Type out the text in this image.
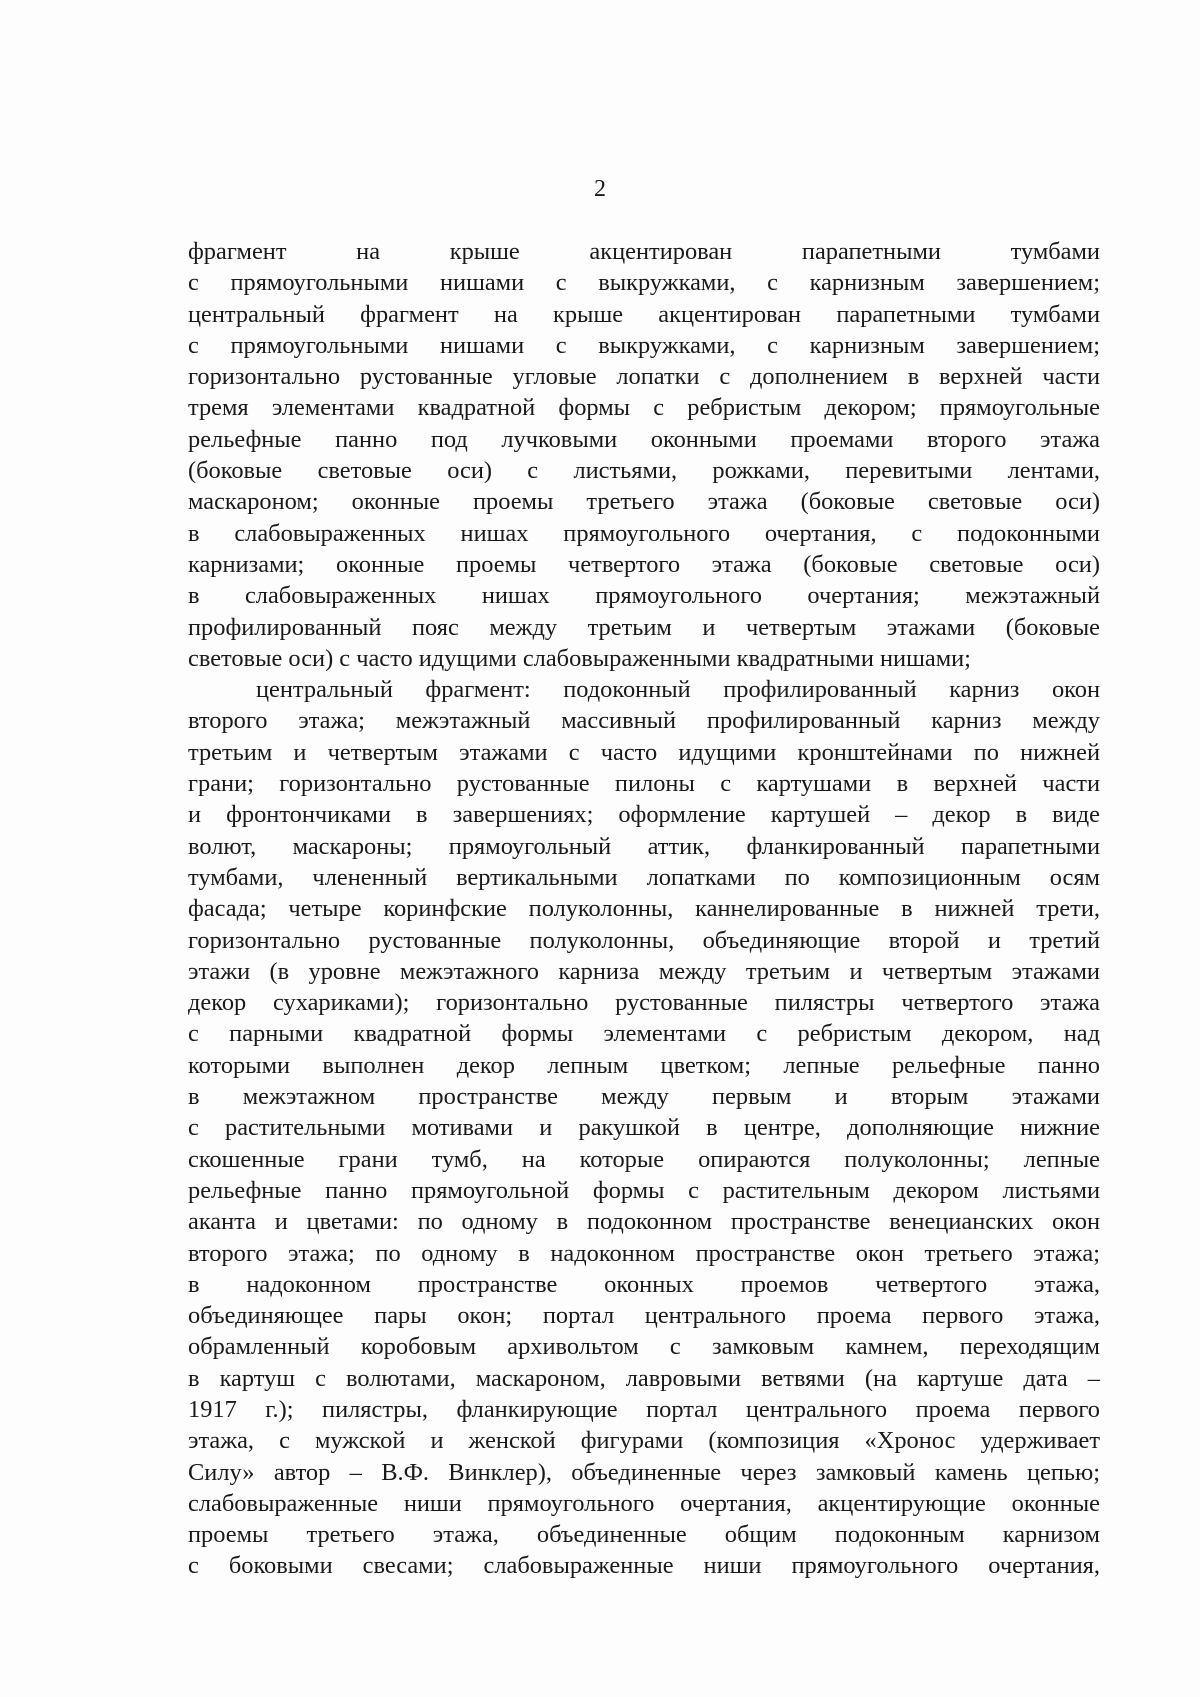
2
фрагмент на крыше акцентирован парапетными тумбами
с прямоугольными нишами с выкружками, с карнизным завершением;
центральный фрагмент на крыше акцентирован парапетными тумбами
с прямоугольными нишами с выкружками, с карнизным завершением;
горизонтально рустованные угловые лопатки с дополнением в верхней части
тремя элементами квадратной формы с ребристым декором; прямоугольные
рельефные панно под лучковыми оконными проемами второго этажа
(боковые световые оси) с листьями, рожками, перевитыми лентами,
маскароном; оконные проемы третьего этажа (боковые световые оси)
в слабовыраженных нишах прямоугольного очертания, с подоконными
карнизами; оконные проемы четвертого этажа (боковые световые оси)
в слабовыраженных нишах прямоугольного очертания; межэтажный
профилированный пояс между третьим и четвертым этажами (боковые
световые оси) с часто идущими слабовыраженными квадратными нишами;
центральный фрагмент: подоконный профилированный карниз окон
второго этажа; межэтажный массивный профилированный карниз между
третьим и четвертым этажами с часто идущими кронштейнами по нижней
грани; горизонтально рустованные пилоны с картушами в верхней части
и фронтончиками в завершениях; оформление картушей – декор в виде
волют, маскароны; прямоугольный аттик, фланкированный парапетными
тумбами, члененный вертикальными лопатками по композиционным осям
фасада; четыре коринфские полуколонны, каннелированные в нижней трети,
горизонтально рустованные полуколонны, объединяющие второй и третий
этажи (в уровне межэтажного карниза между третьим и четвертым этажами
декор сухариками); горизонтально рустованные пилястры четвертого этажа
с парными квадратной формы элементами с ребристым декором, над
которыми выполнен декор лепным цветком; лепные рельефные панно
в межэтажном пространстве между первым и вторым этажами
с растительными мотивами и ракушкой в центре, дополняющие нижние
скошенные грани тумб, на которые опираются полуколонны; лепные
рельефные панно прямоугольной формы с растительным декором листьями
аканта и цветами: по одному в подоконном пространстве венецианских окон
второго этажа; по одному в надоконном пространстве окон третьего этажа;
в надоконном пространстве оконных проемов четвертого этажа,
объединяющее пары окон; портал центрального проема первого этажа,
обрамленный коробовым архивольтом с замковым камнем, переходящим
в картуш с волютами, маскароном, лавровыми ветвями (на картуше дата –
1917 г.); пилястры, фланкирующие портал центрального проема первого
этажа, с мужской и женской фигурами (композиция «Хронос удерживает
Силу» автор – В.Ф. Винклер), объединенные через замковый камень цепью;
слабовыраженные ниши прямоугольного очертания, акцентирующие оконные
проемы третьего этажа, объединенные общим подоконным карнизом
с боковыми свесами; слабовыраженные ниши прямоугольного очертания,
